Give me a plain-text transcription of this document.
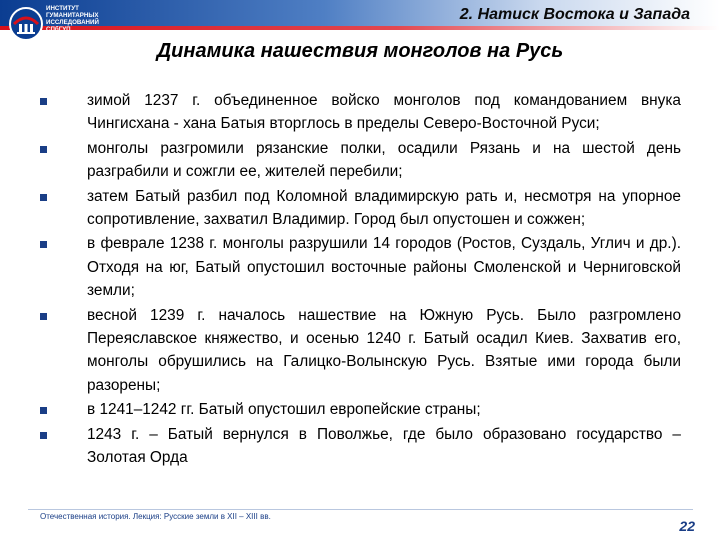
ИНСТИТУТ
ГУМАНИТАРНЫХ
ИССЛЕДОВАНИЙ
СПбГУП
2. Натиск Востока и Запада
Динамика нашествия монголов на Русь
зимой 1237 г. объединенное войско монголов под командованием внука Чингисхана - хана Батыя вторглось в пределы Северо-Восточной Руси;
монголы разгромили рязанские полки, осадили Рязань и на шестой день разграбили и сожгли ее, жителей перебили;
затем Батый разбил под Коломной владимирскую рать и, несмотря на упорное сопротивление, захватил Владимир. Город был опустошен и сожжен;
в феврале 1238 г. монголы разрушили 14 городов (Ростов, Суздаль, Углич и др.). Отходя на юг, Батый опустошил восточные районы Смоленской и Черниговской земли;
весной 1239 г. началось нашествие на Южную Русь. Было разгромлено Переяславское княжество, и осенью 1240 г. Батый осадил Киев. Захватив его, монголы обрушились на Галицко-Волынскую Русь. Взятые ими города были разорены;
в 1241–1242 гг. Батый опустошил европейские страны;
1243 г. – Батый вернулся в Поволжье, где было образовано государство – Золотая Орда
Отечественная история. Лекция: Русские земли в XII – XIII вв.
22
